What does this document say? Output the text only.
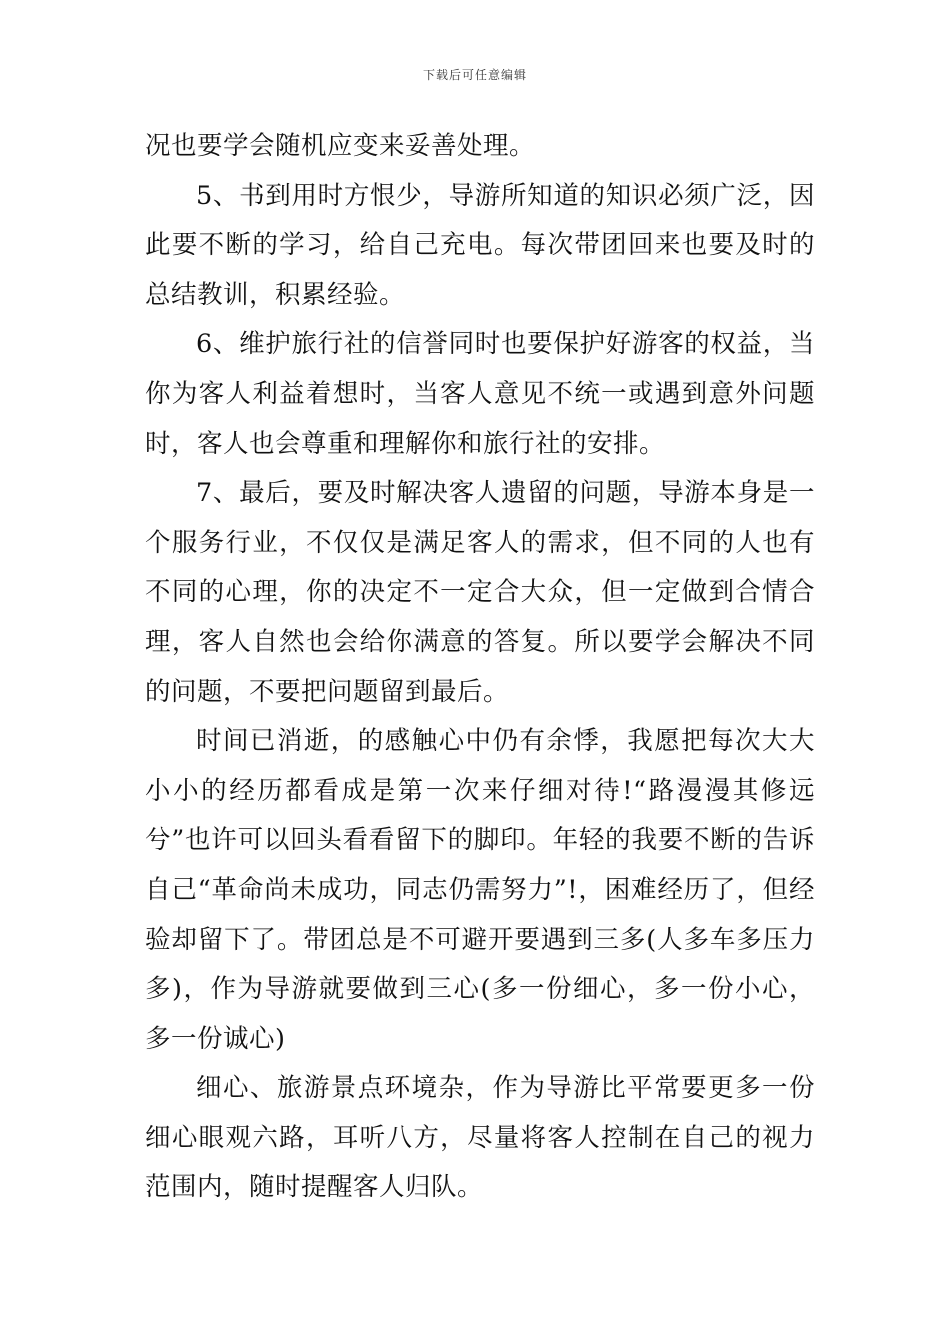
下载后可任意编辑

况也要学会随机应变来妥善处理。

5、书到用时方恨少，导游所知道的知识必须广泛，因此要不断的学习，给自己充电。每次带团回来也要及时的总结教训，积累经验。

6、维护旅行社的信誉同时也要保护好游客的权益，当你为客人利益着想时，当客人意见不统一或遇到意外问题时，客人也会尊重和理解你和旅行社的安排。

7、最后，要及时解决客人遗留的问题，导游本身是一个服务行业，不仅仅是满足客人的需求，但不同的人也有不同的心理，你的决定不一定合大众，但一定做到合情合理，客人自然也会给你满意的答复。所以要学会解决不同的问题，不要把问题留到最后。

时间已消逝，的感触心中仍有余悸，我愿把每次大大小小的经历都看成是第一次来仔细对待!“路漫漫其修远兮”也许可以回头看看留下的脚印。年轻的我要不断的告诉自己“革命尚未成功，同志仍需努力”!，困难经历了，但经验却留下了。带团总是不可避开要遇到三多(人多车多压力多)，作为导游就要做到三心(多一份细心，多一份小心，多一份诚心)

细心、旅游景点环境杂，作为导游比平常要更多一份细心眼观六路，耳听八方，尽量将客人控制在自己的视力范围内，随时提醒客人归队。
